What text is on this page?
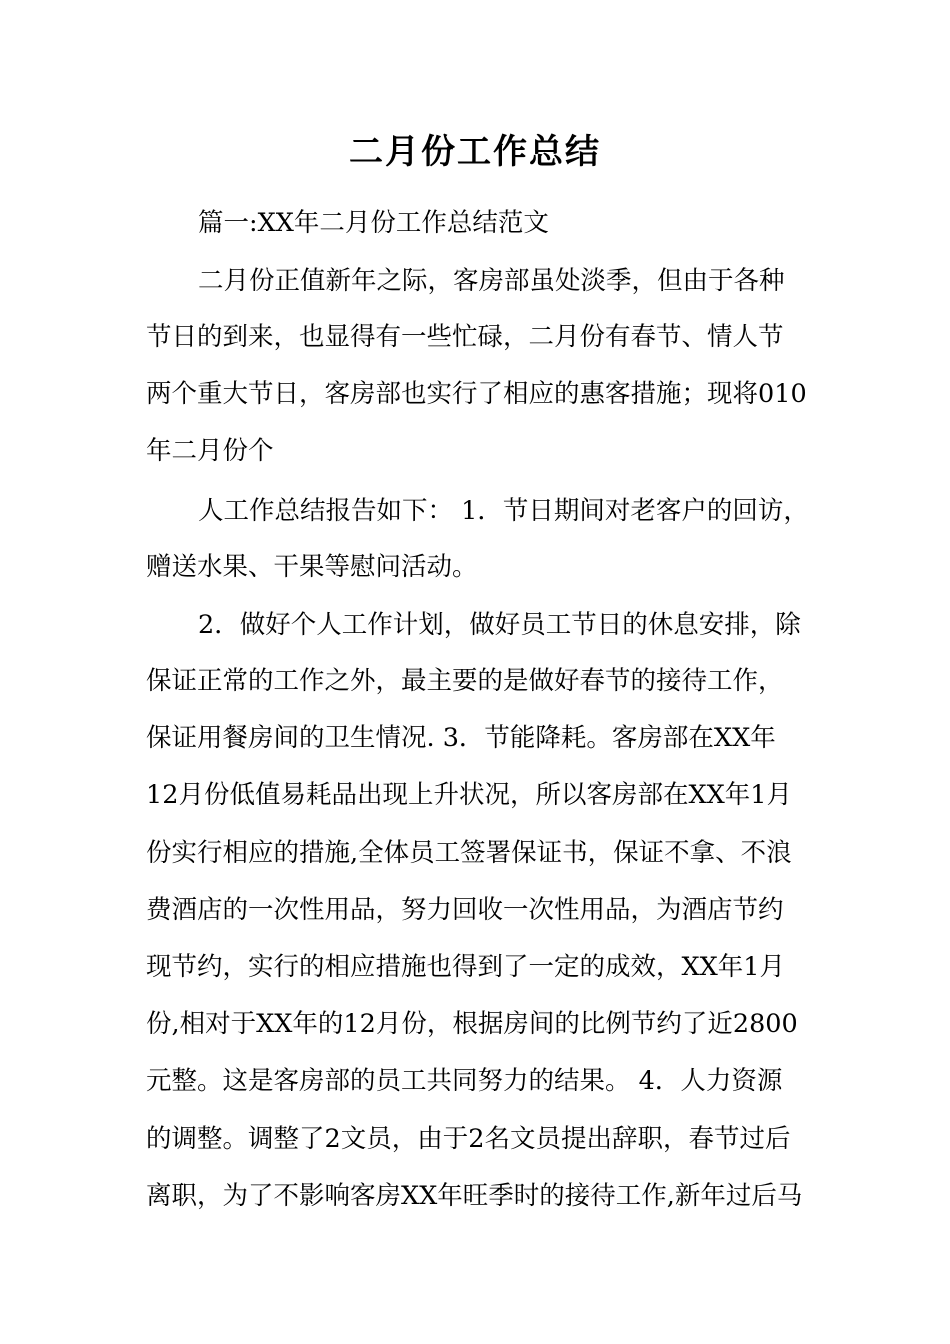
二月份工作总结
篇一:XX年二月份工作总结范文
二月份正值新年之际，客房部虽处淡季，但由于各种
节日的到来，也显得有一些忙碌，二月份有春节、情人节
两个重大节日，客房部也实行了相应的惠客措施；现将010
年二月份个
人工作总结报告如下： 1．节日期间对老客户的回访，
赠送水果、干果等慰问活动。
2．做好个人工作计划，做好员工节日的休息安排，除
保证正常的工作之外，最主要的是做好春节的接待工作，
保证用餐房间的卫生情况. 3．节能降耗。客房部在XX年
12月份低值易耗品出现上升状况，所以客房部在XX年1月
份实行相应的措施,全体员工签署保证书，保证不拿、不浪
费酒店的一次性用品，努力回收一次性用品，为酒店节约
现节约，实行的相应措施也得到了一定的成效，XX年1月
份,相对于XX年的12月份，根据房间的比例节约了近2800
元整。这是客房部的员工共同努力的结果。 4．人力资源
的调整。调整了2文员，由于2名文员提出辞职，春节过后
离职，为了不影响客房XX年旺季时的接待工作,新年过后马
